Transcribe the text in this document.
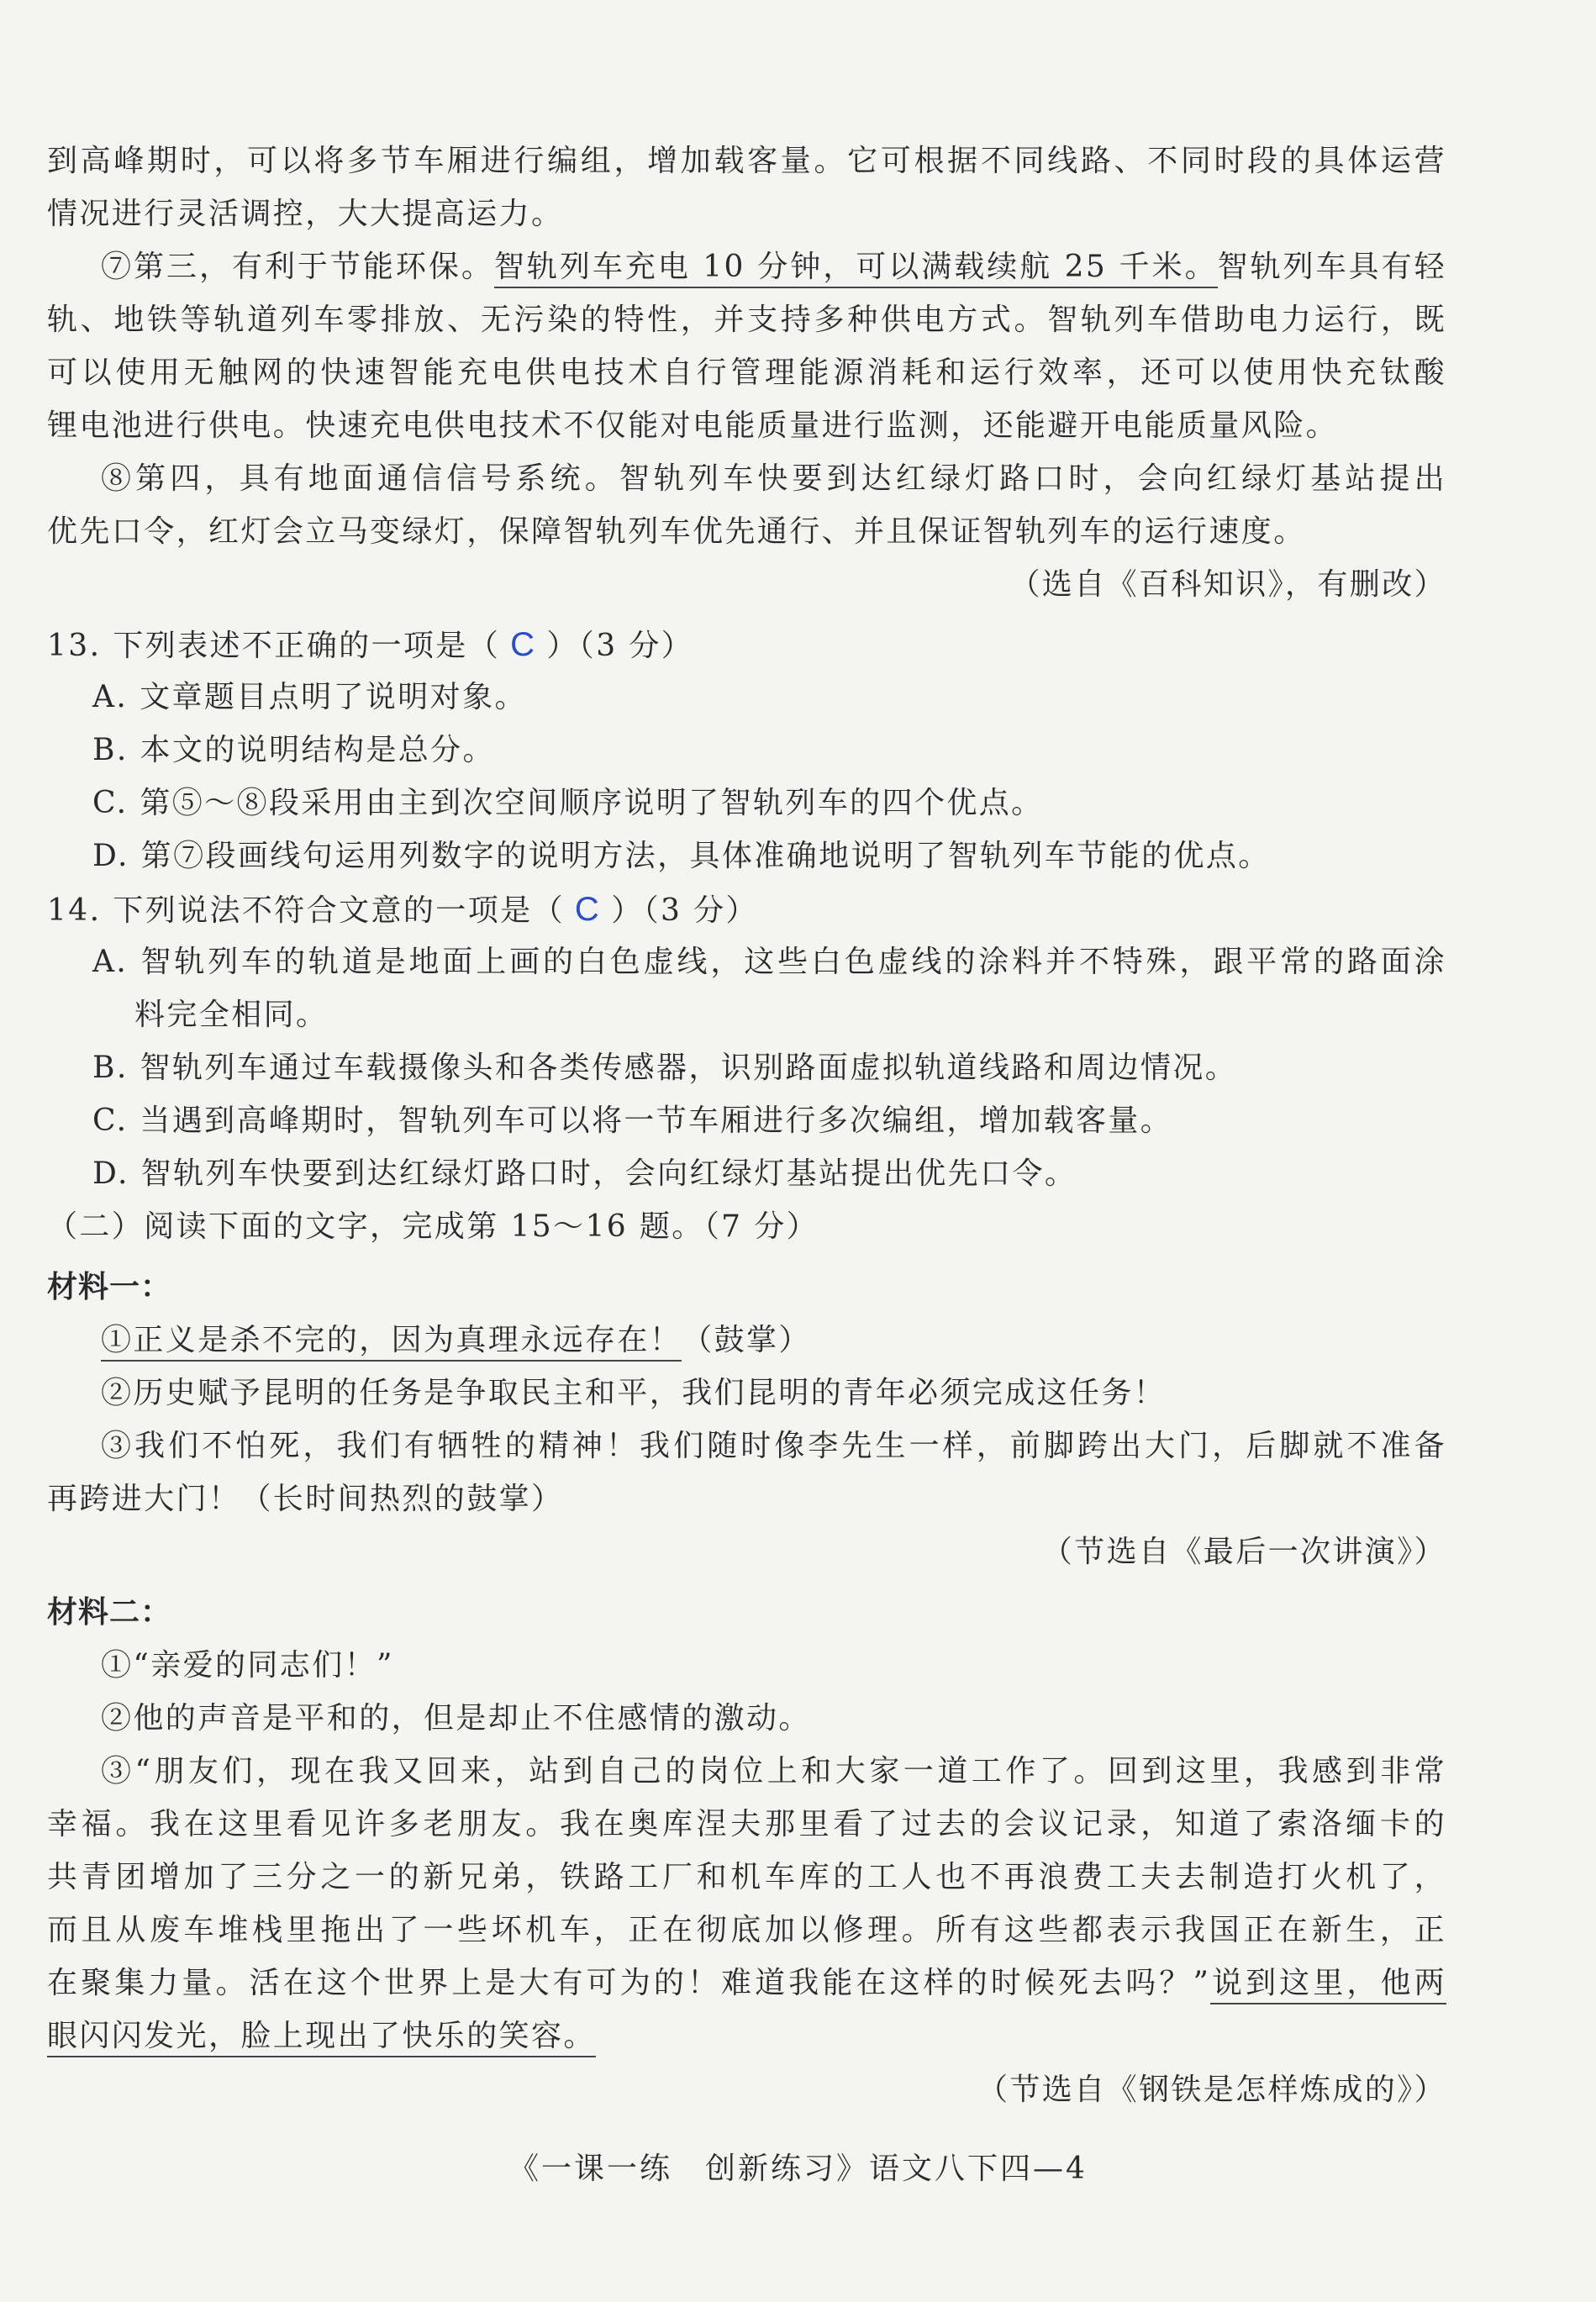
到高峰期时，可以将多节车厢进行编组，增加载客量。它可根据不同线路、不同时段的具体运营
情况进行灵活调控，大大提高运力。
⑦第三，有利于节能环保。智轨列车充电 10 分钟，可以满载续航 25 千米。智轨列车具有轻
轨、地铁等轨道列车零排放、无污染的特性，并支持多种供电方式。智轨列车借助电力运行，既
可以使用无触网的快速智能充电供电技术自行管理能源消耗和运行效率，还可以使用快充钛酸
锂电池进行供电。快速充电供电技术不仅能对电能质量进行监测，还能避开电能质量风险。
⑧第四，具有地面通信信号系统。智轨列车快要到达红绿灯路口时，会向红绿灯基站提出
优先口令，红灯会立马变绿灯，保障智轨列车优先通行、并且保证智轨列车的运行速度。
（选自《百科知识》，有删改）
13. 下列表述不正确的一项是（ C ）（3 分）
A. 文章题目点明了说明对象。
B. 本文的说明结构是总分。
C. 第⑤～⑧段采用由主到次空间顺序说明了智轨列车的四个优点。
D. 第⑦段画线句运用列数字的说明方法，具体准确地说明了智轨列车节能的优点。
14. 下列说法不符合文意的一项是（ C ）（3 分）
A. 智轨列车的轨道是地面上画的白色虚线，这些白色虚线的涂料并不特殊，跟平常的路面涂
料完全相同。
B. 智轨列车通过车载摄像头和各类传感器，识别路面虚拟轨道线路和周边情况。
C. 当遇到高峰期时，智轨列车可以将一节车厢进行多次编组，增加载客量。
D. 智轨列车快要到达红绿灯路口时，会向红绿灯基站提出优先口令。
（二）阅读下面的文字，完成第 15～16 题。（7 分）
材料一：
①正义是杀不完的，因为真理永远存在！（鼓掌）
②历史赋予昆明的任务是争取民主和平，我们昆明的青年必须完成这任务！
③我们不怕死，我们有牺牲的精神！我们随时像李先生一样，前脚跨出大门，后脚就不准备
再跨进大门！（长时间热烈的鼓掌）
（节选自《最后一次讲演》）
材料二：
①“亲爱的同志们！”
②他的声音是平和的，但是却止不住感情的激动。
③“朋友们，现在我又回来，站到自己的岗位上和大家一道工作了。回到这里，我感到非常
幸福。我在这里看见许多老朋友。我在奥库涅夫那里看了过去的会议记录，知道了索洛缅卡的
共青团增加了三分之一的新兄弟，铁路工厂和机车库的工人也不再浪费工夫去制造打火机了，
而且从废车堆栈里拖出了一些坏机车，正在彻底加以修理。所有这些都表示我国正在新生，正
在聚集力量。活在这个世界上是大有可为的！难道我能在这样的时候死去吗？”说到这里，他两
眼闪闪发光，脸上现出了快乐的笑容。
（节选自《钢铁是怎样炼成的》）
《一课一练　创新练习》语文八下四—4
